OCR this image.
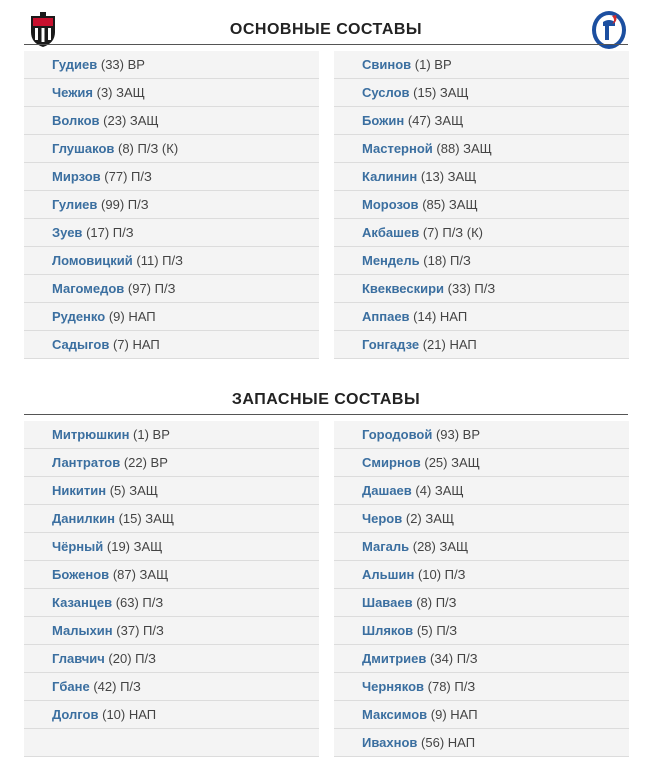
ОСНОВНЫЕ СОСТАВЫ
Гудиев (33) ВР
Чежия (3) ЗАЩ
Волков (23) ЗАЩ
Глушаков (8) П/З (К)
Мирзов (77) П/З
Гулиев (99) П/З
Зуев (17) П/З
Ломовицкий (11) П/З
Магомедов (97) П/З
Руденко (9) НАП
Садыгов (7) НАП
Свинов (1) ВР
Суслов (15) ЗАЩ
Божин (47) ЗАЩ
Мастерной (88) ЗАЩ
Калинин (13) ЗАЩ
Морозов (85) ЗАЩ
Акбашев (7) П/З (К)
Мендель (18) П/З
Квеквескири (33) П/З
Аппаев (14) НАП
Гонгадзе (21) НАП
ЗАПАСНЫЕ СОСТАВЫ
Митрюшкин (1) ВР
Лантратов (22) ВР
Никитин (5) ЗАЩ
Данилкин (15) ЗАЩ
Чёрный (19) ЗАЩ
Боженов (87) ЗАЩ
Казанцев (63) П/З
Малыхин (37) П/З
Главчич (20) П/З
Гбане (42) П/З
Долгов (10) НАП
Городовой (93) ВР
Смирнов (25) ЗАЩ
Дашаев (4) ЗАЩ
Черов (2) ЗАЩ
Магаль (28) ЗАЩ
Альшин (10) П/З
Шаваев (8) П/З
Шляков (5) П/З
Дмитриев (34) П/З
Черняков (78) П/З
Максимов (9) НАП
Ивахнов (56) НАП
